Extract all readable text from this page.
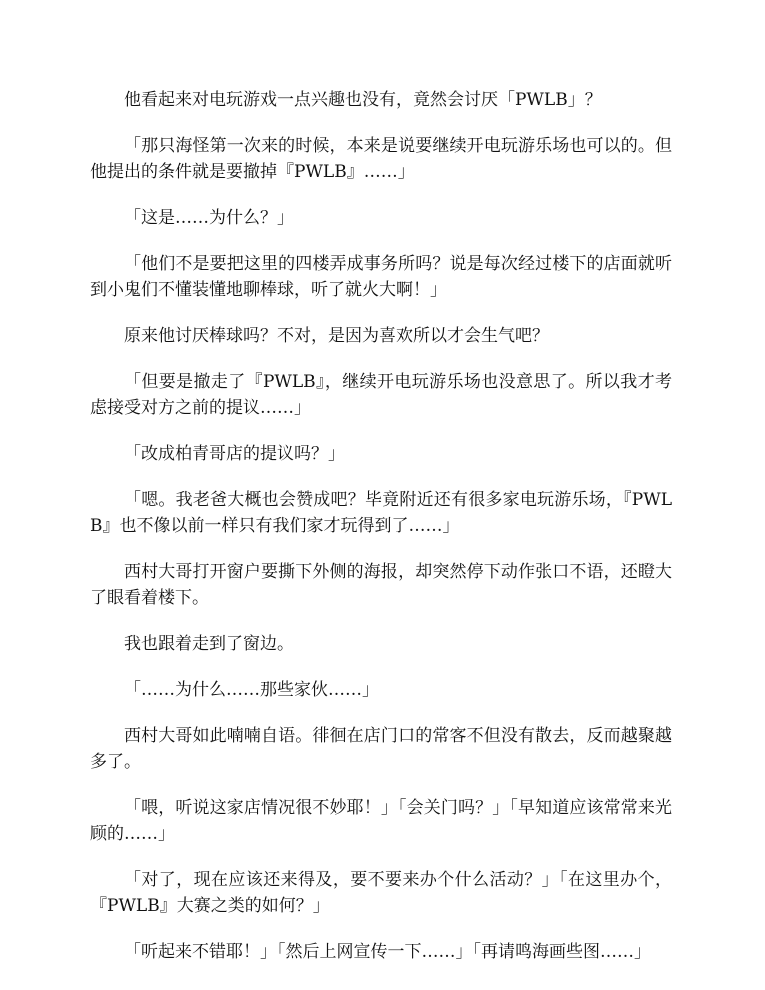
他看起来对电玩游戏一点兴趣也没有，竟然会讨厌「PWLB」？

「那只海怪第一次来的时候，本来是说要继续开电玩游乐场也可以的。但他提出的条件就是要撤掉『PWLB』……」

「这是……为什么？」

「他们不是要把这里的四楼弄成事务所吗？说是每次经过楼下的店面就听到小鬼们不懂装懂地聊棒球，听了就火大啊！」

原来他讨厌棒球吗？不对，是因为喜欢所以才会生气吧？

「但要是撤走了『PWLB』，继续开电玩游乐场也没意思了。所以我才考虑接受对方之前的提议……」

「改成柏青哥店的提议吗？」

「嗯。我老爸大概也会赞成吧？毕竟附近还有很多家电玩游乐场，『PWLB』也不像以前一样只有我们家才玩得到了……」

西村大哥打开窗户要撕下外侧的海报，却突然停下动作张口不语，还瞪大了眼看着楼下。

我也跟着走到了窗边。

「……为什么……那些家伙……」

西村大哥如此喃喃自语。徘徊在店门口的常客不但没有散去，反而越聚越多了。

「喂，听说这家店情况很不妙耶！」「会关门吗？」「早知道应该常常来光顾的……」

「对了，现在应该还来得及，要不要来办个什么活动？」「在这里办个，『PWLB』大赛之类的如何？」

「听起来不错耶！」「然后上网宣传一下……」「再请鸣海画些图……」
